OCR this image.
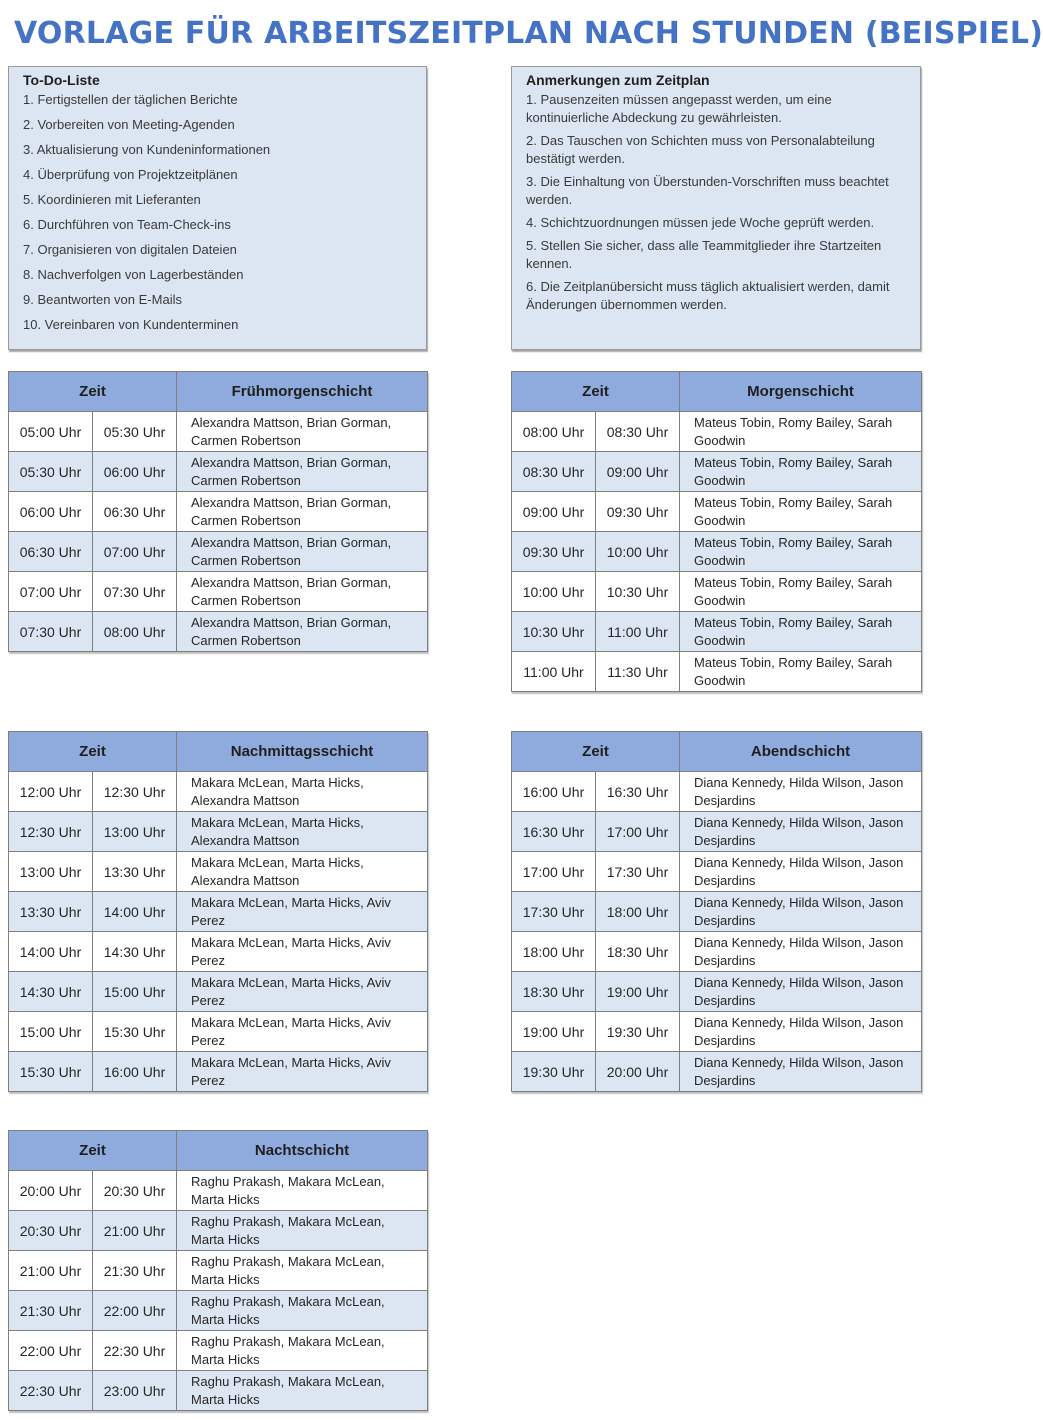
VORLAGE FÜR ARBEITSZEITPLAN NACH STUNDEN (BEISPIEL)
To-Do-Liste
1. Fertigstellen der täglichen Berichte
2. Vorbereiten von Meeting-Agenden
3. Aktualisierung von Kundeninformationen
4. Überprüfung von Projektzeitplänen
5. Koordinieren mit Lieferanten
6. Durchführen von Team-Check-ins
7. Organisieren von digitalen Dateien
8. Nachverfolgen von Lagerbeständen
9. Beantworten von E-Mails
10. Vereinbaren von Kundenterminen
Anmerkungen zum Zeitplan
1. Pausenzeiten müssen angepasst werden, um eine kontinuierliche Abdeckung zu gewährleisten.
2. Das Tauschen von Schichten muss von Personalabteilung bestätigt werden.
3. Die Einhaltung von Überstunden-Vorschriften muss beachtet werden.
4. Schichtzuordnungen müssen jede Woche geprüft werden.
5. Stellen Sie sicher, dass alle Teammitglieder ihre Startzeiten kennen.
6. Die Zeitplanübersicht muss täglich aktualisiert werden, damit Änderungen übernommen werden.
Zeit		Frühmorgenschicht
05:00 Uhr	05:30 Uhr	Alexandra Mattson, Brian Gorman, Carmen Robertson
05:30 Uhr	06:00 Uhr	Alexandra Mattson, Brian Gorman, Carmen Robertson
06:00 Uhr	06:30 Uhr	Alexandra Mattson, Brian Gorman, Carmen Robertson
06:30 Uhr	07:00 Uhr	Alexandra Mattson, Brian Gorman, Carmen Robertson
07:00 Uhr	07:30 Uhr	Alexandra Mattson, Brian Gorman, Carmen Robertson
07:30 Uhr	08:00 Uhr	Alexandra Mattson, Brian Gorman, Carmen Robertson
Zeit		Morgenschicht
08:00 Uhr	08:30 Uhr	Mateus Tobin, Romy Bailey, Sarah Goodwin
08:30 Uhr	09:00 Uhr	Mateus Tobin, Romy Bailey, Sarah Goodwin
09:00 Uhr	09:30 Uhr	Mateus Tobin, Romy Bailey, Sarah Goodwin
09:30 Uhr	10:00 Uhr	Mateus Tobin, Romy Bailey, Sarah Goodwin
10:00 Uhr	10:30 Uhr	Mateus Tobin, Romy Bailey, Sarah Goodwin
10:30 Uhr	11:00 Uhr	Mateus Tobin, Romy Bailey, Sarah Goodwin
11:00 Uhr	11:30 Uhr	Mateus Tobin, Romy Bailey, Sarah Goodwin
Zeit		Nachmittagsschicht
12:00 Uhr	12:30 Uhr	Makara McLean, Marta Hicks, Alexandra Mattson
12:30 Uhr	13:00 Uhr	Makara McLean, Marta Hicks, Alexandra Mattson
13:00 Uhr	13:30 Uhr	Makara McLean, Marta Hicks, Alexandra Mattson
13:30 Uhr	14:00 Uhr	Makara McLean, Marta Hicks, Aviv Perez
14:00 Uhr	14:30 Uhr	Makara McLean, Marta Hicks, Aviv Perez
14:30 Uhr	15:00 Uhr	Makara McLean, Marta Hicks, Aviv Perez
15:00 Uhr	15:30 Uhr	Makara McLean, Marta Hicks, Aviv Perez
15:30 Uhr	16:00 Uhr	Makara McLean, Marta Hicks, Aviv Perez
Zeit		Abendschicht
16:00 Uhr	16:30 Uhr	Diana Kennedy, Hilda Wilson, Jason Desjardins
16:30 Uhr	17:00 Uhr	Diana Kennedy, Hilda Wilson, Jason Desjardins
17:00 Uhr	17:30 Uhr	Diana Kennedy, Hilda Wilson, Jason Desjardins
17:30 Uhr	18:00 Uhr	Diana Kennedy, Hilda Wilson, Jason Desjardins
18:00 Uhr	18:30 Uhr	Diana Kennedy, Hilda Wilson, Jason Desjardins
18:30 Uhr	19:00 Uhr	Diana Kennedy, Hilda Wilson, Jason Desjardins
19:00 Uhr	19:30 Uhr	Diana Kennedy, Hilda Wilson, Jason Desjardins
19:30 Uhr	20:00 Uhr	Diana Kennedy, Hilda Wilson, Jason Desjardins
Zeit		Nachtschicht
20:00 Uhr	20:30 Uhr	Raghu Prakash, Makara McLean, Marta Hicks
20:30 Uhr	21:00 Uhr	Raghu Prakash, Makara McLean, Marta Hicks
21:00 Uhr	21:30 Uhr	Raghu Prakash, Makara McLean, Marta Hicks
21:30 Uhr	22:00 Uhr	Raghu Prakash, Makara McLean, Marta Hicks
22:00 Uhr	22:30 Uhr	Raghu Prakash, Makara McLean, Marta Hicks
22:30 Uhr	23:00 Uhr	Raghu Prakash, Makara McLean, Marta Hicks
